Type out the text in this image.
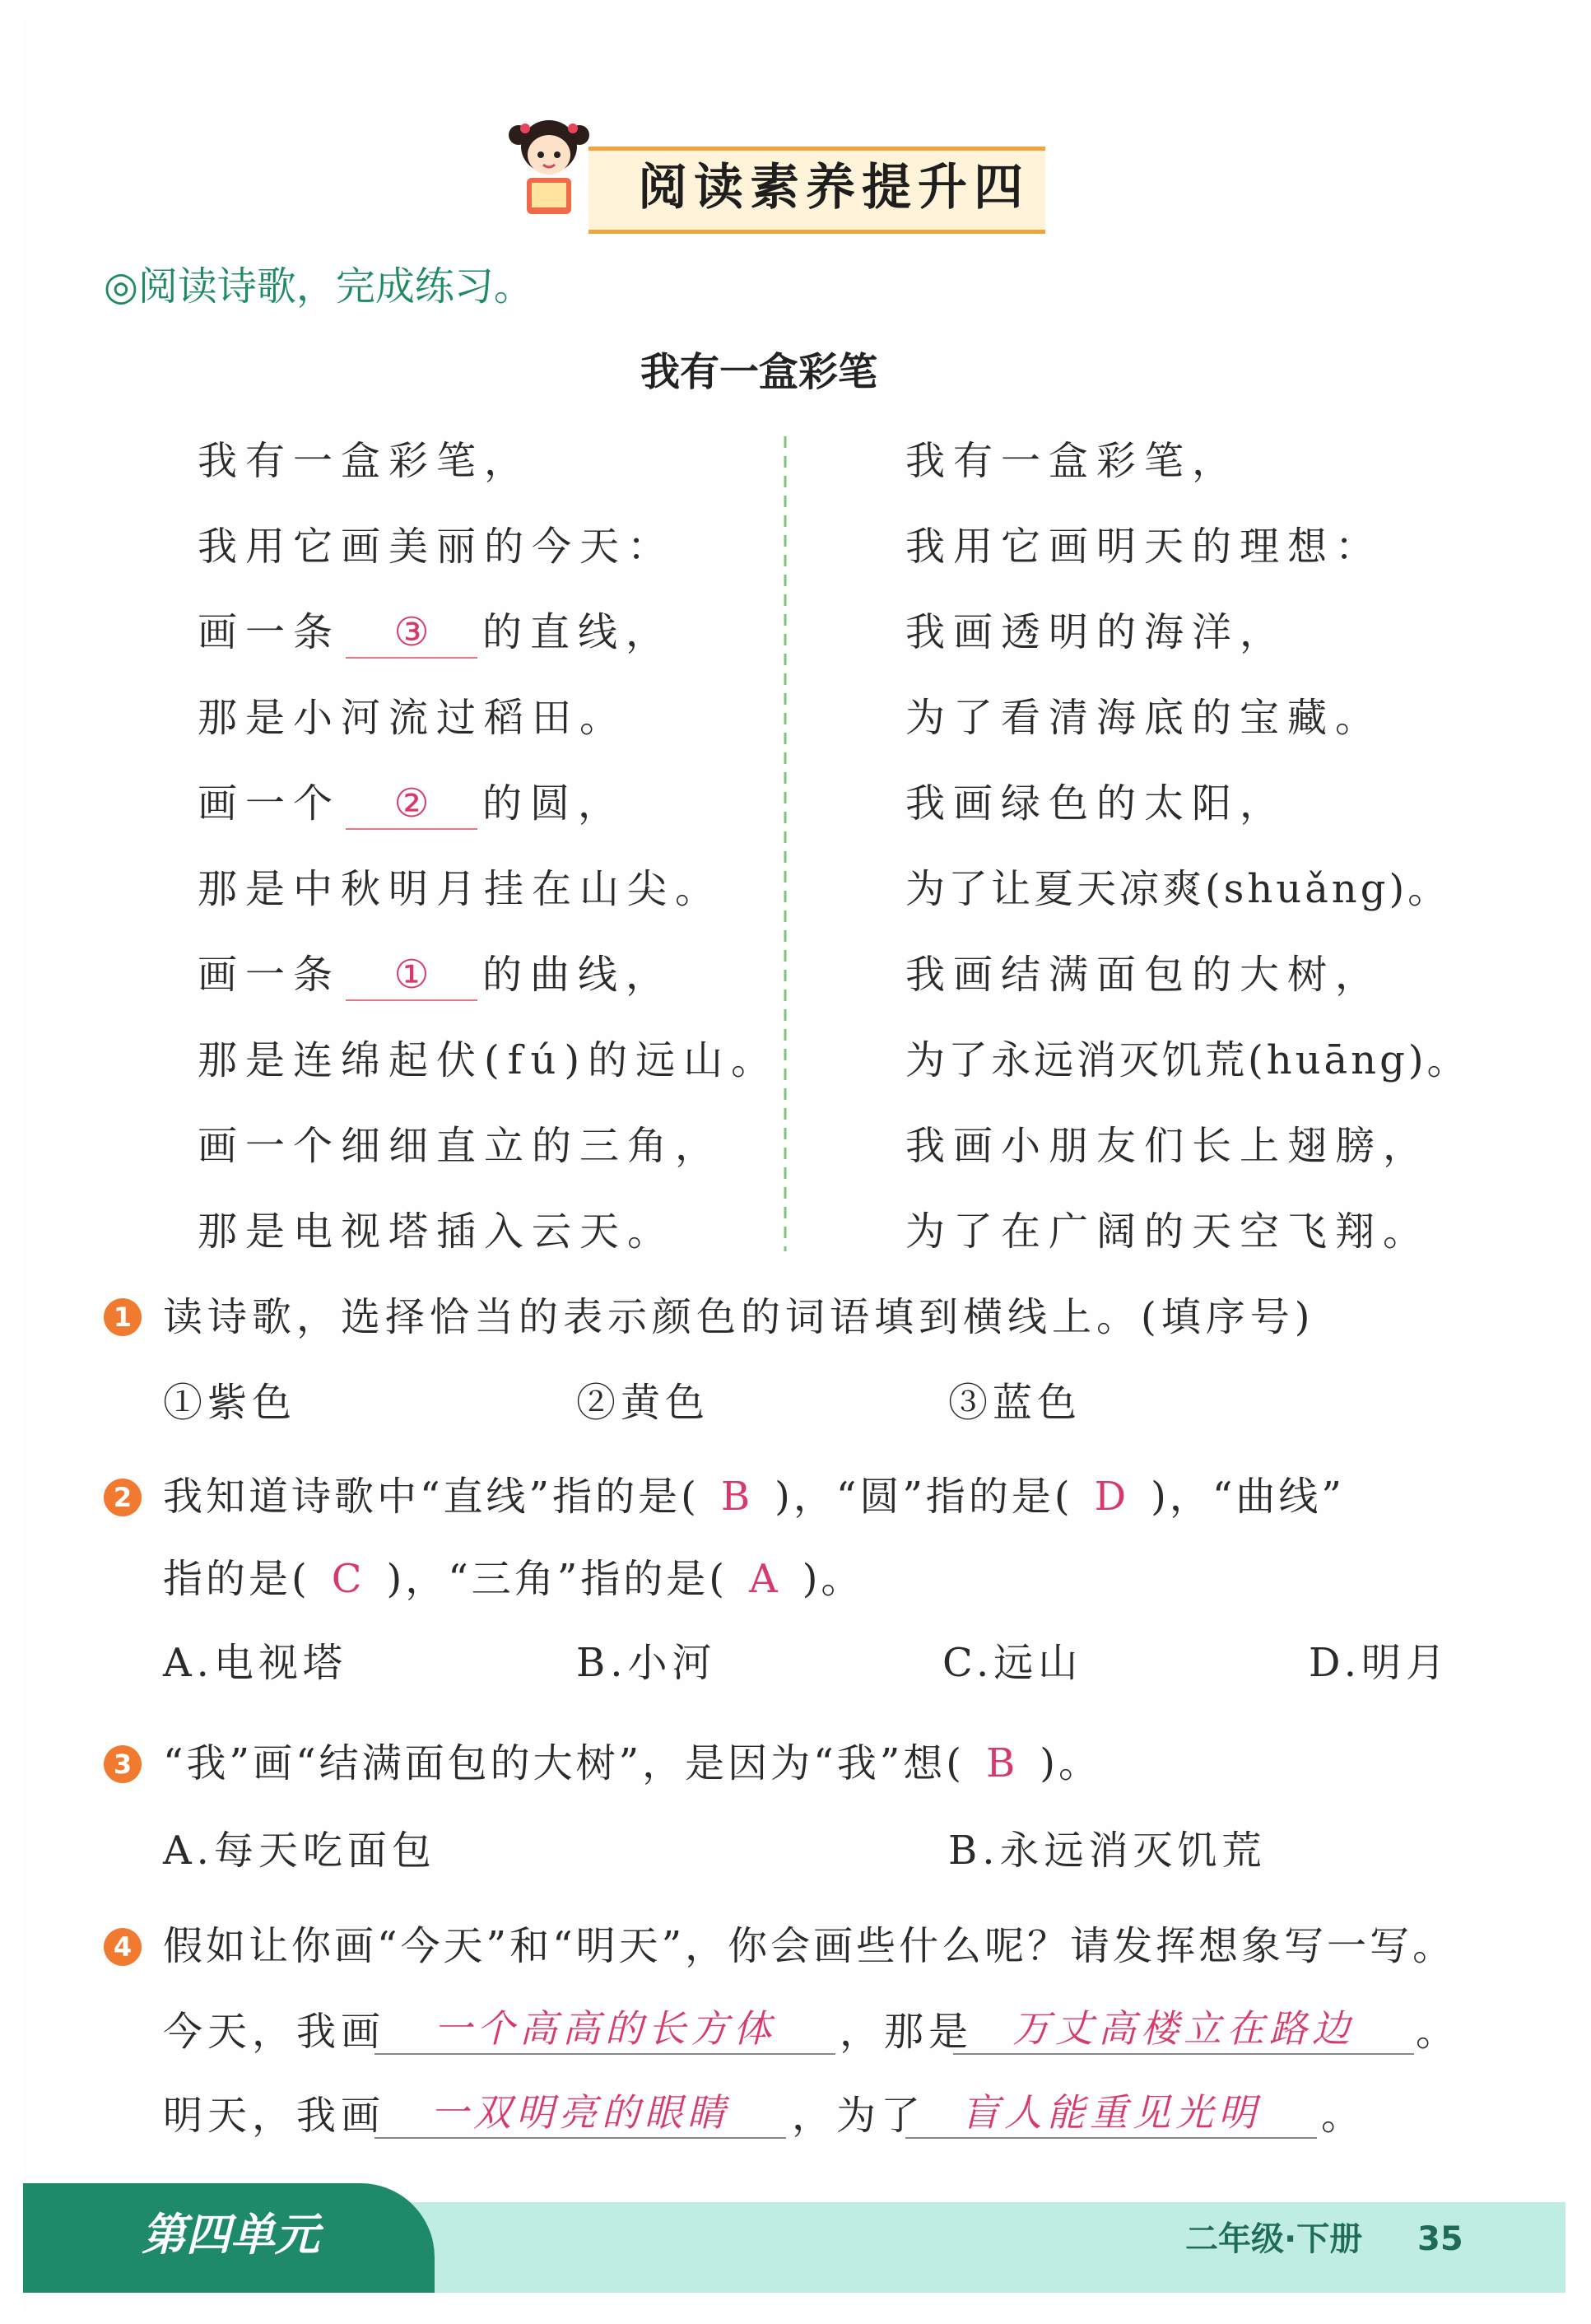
阅读素养提升四
◎阅读诗歌，完成练习。
我有一盒彩笔
我有一盒彩笔，
我用它画美丽的今天：
画一条 ③ 的直线，
那是小河流过稻田。
画一个 ② 的圆，
那是中秋明月挂在山尖。
画一条 ① 的曲线，
那是连绵起伏(fú)的远山。
画一个细细直立的三角，
那是电视塔插入云天。
我有一盒彩笔，
我用它画明天的理想：
我画透明的海洋，
为了看清海底的宝藏。
我画绿色的太阳，
为了让夏天凉爽(shuǎng)。
我画结满面包的大树，
为了永远消灭饥荒(huāng)。
我画小朋友们长上翅膀，
为了在广阔的天空飞翔。
1 读诗歌，选择恰当的表示颜色的词语填到横线上。(填序号)
①紫色	②黄色	③蓝色
2 我知道诗歌中“直线”指的是( B )，“圆”指的是( D )，“曲线”
指的是( C )，“三角”指的是( A )。
A.电视塔	B.小河	C.远山	D.明月
3 “我”画“结满面包的大树”，是因为“我”想( B )。
A.每天吃面包	B.永远消灭饥荒
4 假如让你画“今天”和“明天”，你会画些什么呢？请发挥想象写一写。
今天，我画	一个高高的长方体	，那是	万丈高楼立在路边	。
明天，我画	一双明亮的眼睛	，为了 盲人能重见光明	。
第四单元	二年级·下册 35
